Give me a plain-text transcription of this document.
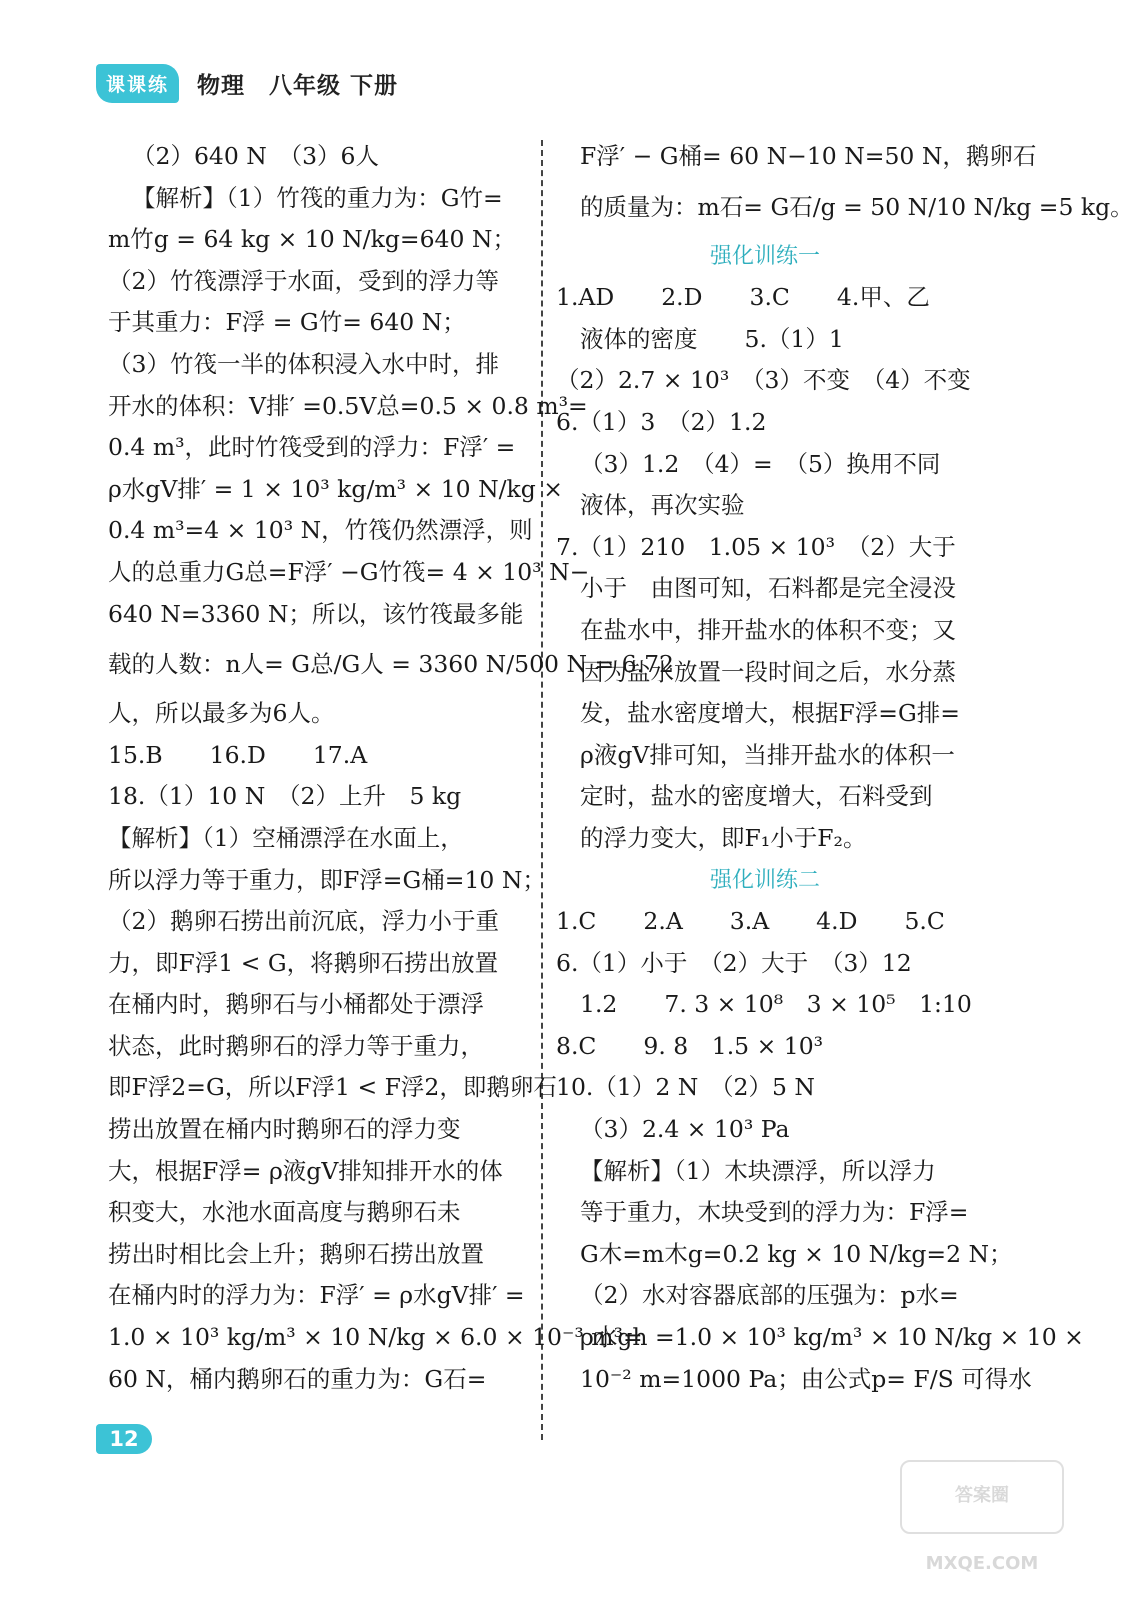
课课练	物理　八年级 下册
（2）640 N　（3）6人
【解析】（1）竹筏的重力为：G竹=
m竹g = 64 kg × 10 N/kg=640 N；
（2）竹筏漂浮于水面，受到的浮力等
于其重力：F浮 = G竹= 640 N；
（3）竹筏一半的体积浸入水中时，排
开水的体积：V排′ =0.5V总=0.5 × 0.8 m³=
0.4 m³，此时竹筏受到的浮力：F浮′ =
ρ水gV排′ = 1 × 10³ kg/m³ × 10 N/kg ×
0.4 m³=4 × 10³ N，竹筏仍然漂浮，则
人的总重力G总=F浮′ −G竹筏= 4 × 10³ N−
640 N=3360 N；所以，该竹筏最多能
载的人数：n人= G总/G人 = 3360 N/500 N = 6.72
人，所以最多为6人。
15.B　　16.D　　17.A
18.（1）10 N　（2）上升　5 kg
【解析】（1）空桶漂浮在水面上，
所以浮力等于重力，即F浮=G桶=10 N；
（2）鹅卵石捞出前沉底，浮力小于重
力，即F浮1 < G，将鹅卵石捞出放置
在桶内时，鹅卵石与小桶都处于漂浮
状态，此时鹅卵石的浮力等于重力，
即F浮2=G，所以F浮1 < F浮2，即鹅卵石
捞出放置在桶内时鹅卵石的浮力变
大，根据F浮= ρ液gV排知排开水的体
积变大，水池水面高度与鹅卵石未
捞出时相比会上升；鹅卵石捞出放置
在桶内时的浮力为：F浮′ = ρ水gV排′ =
1.0 × 10³ kg/m³ × 10 N/kg × 6.0 × 10⁻³ m³=
60 N，桶内鹅卵石的重力为：G石=
F浮′ − G桶= 60 N−10 N=50 N，鹅卵石
的质量为：m石= G石/g = 50 N/10 N/kg =5 kg。
强化训练一
1.AD　　2.D　　3.C　　4.甲、乙
液体的密度　　5.（1）1
（2）2.7 × 10³　（3）不变　（4）不变
6.（1）3　（2）1.2
（3）1.2　（4）=　（5）换用不同
液体，再次实验
7.（1）210　1.05 × 10³　（2）大于
小于　由图可知，石料都是完全浸没
在盐水中，排开盐水的体积不变；又
因为盐水放置一段时间之后，水分蒸
发，盐水密度增大，根据F浮=G排=
ρ液gV排可知，当排开盐水的体积一
定时，盐水的密度增大，石料受到
的浮力变大，即F₁小于F₂。
强化训练二
1.C　　2.A　　3.A　　4.D　　5.C
6.（1）小于　（2）大于　（3）12
1.2　　7. 3 × 10⁸　3 × 10⁵　1:10
8.C　　9. 8　1.5 × 10³
10.（1）2 N　（2）5 N
（3）2.4 × 10³ Pa
【解析】（1）木块漂浮，所以浮力
等于重力，木块受到的浮力为：F浮=
G木=m木g=0.2 kg × 10 N/kg=2 N；
（2）水对容器底部的压强为：p水=
ρ水gh =1.0 × 10³ kg/m³ × 10 N/kg × 10 ×
10⁻² m=1000 Pa；由公式p= F/S 可得水
12
答案圈 MXQE.COM
